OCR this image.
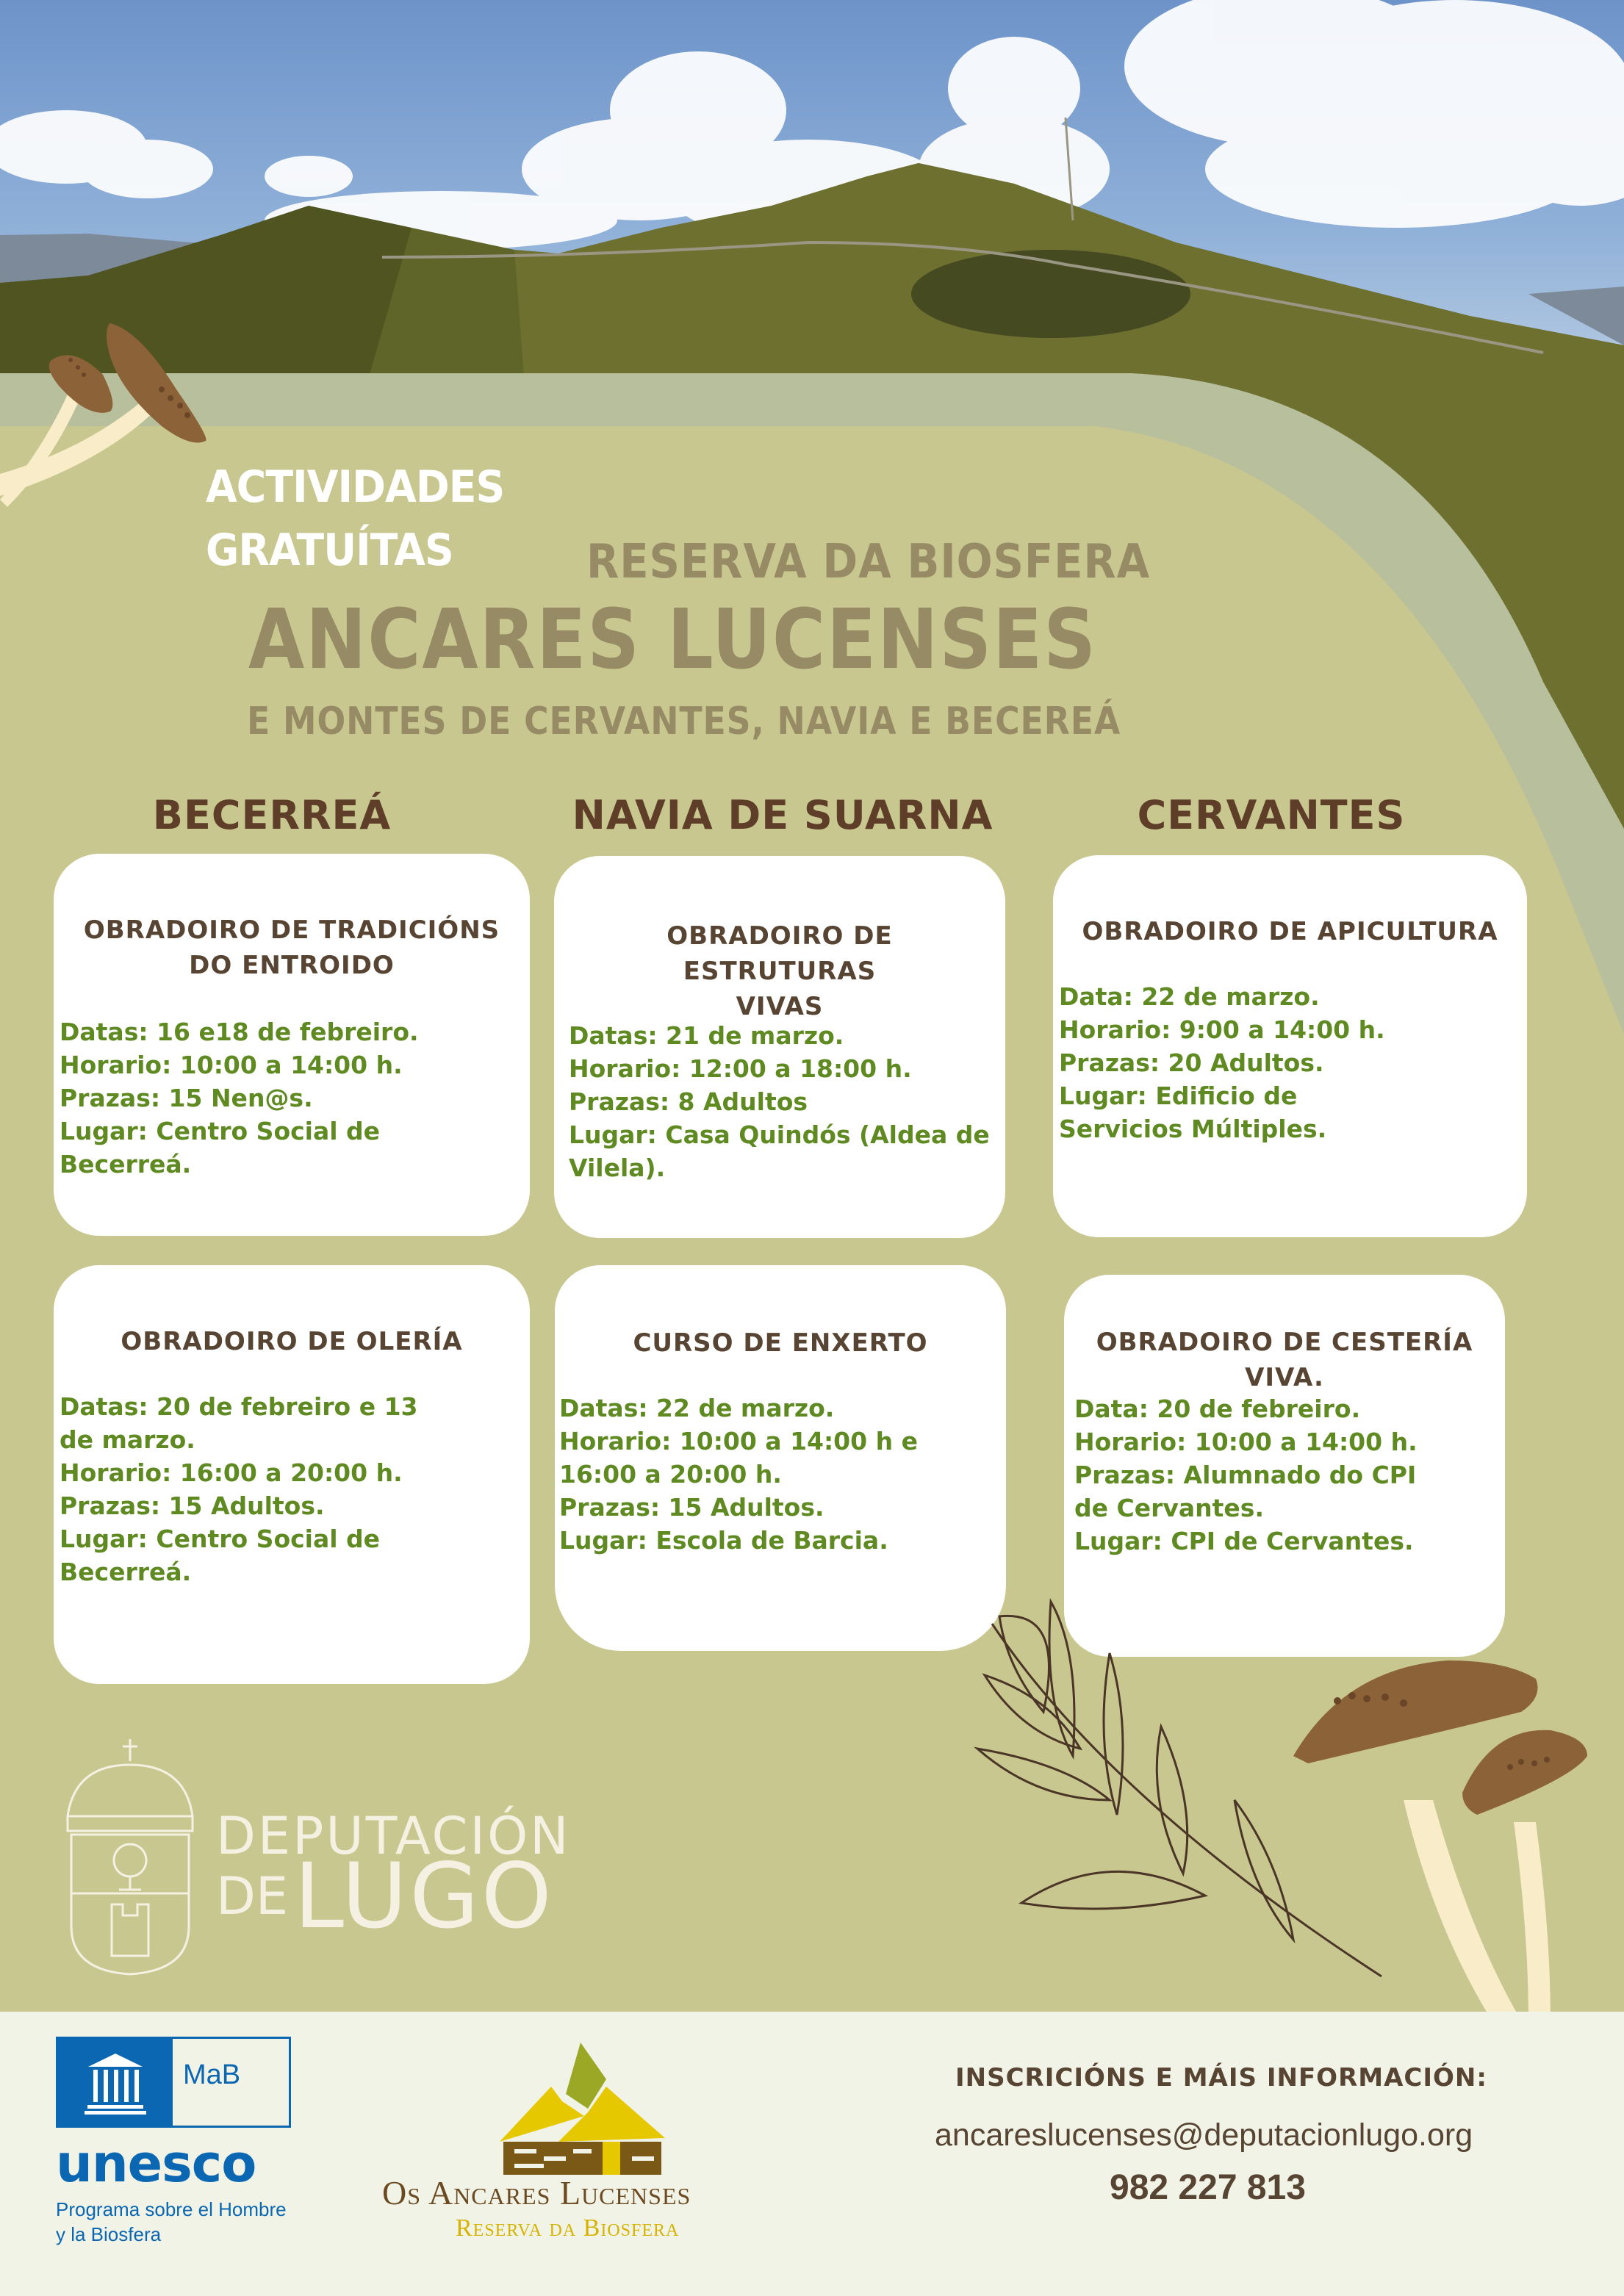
ACTIVIDADES
GRATUÍTAS	RESERVA DA BIOSFERA
ANCARES LUCENSES
E MONTES DE CERVANTES, NAVIA E BECEREÁ
BECERREÁ	NAVIA DE SUARNA	CERVANTES
OBRADOIRO DE TRADICIÓNS DO ENTROIDO
Datas: 16 e18 de febreiro.
Horario: 10:00 a 14:00 h.
Prazas: 15 Nen@s.
Lugar: Centro Social de Becerreá.
OBRADOIRO DE ESTRUTURAS VIVAS
Datas: 21 de marzo.
Horario: 12:00 a 18:00 h.
Prazas: 8 Adultos
Lugar: Casa Quindós (Aldea de Vilela).
OBRADOIRO DE APICULTURA
Data: 22 de marzo.
Horario: 9:00 a 14:00 h.
Prazas: 20 Adultos.
Lugar: Edificio de Servicios Múltiples.
OBRADOIRO DE OLERÍA
Datas: 20 de febreiro e 13 de marzo.
Horario: 16:00 a 20:00 h.
Prazas: 15 Adultos.
Lugar: Centro Social de Becerreá.
CURSO DE ENXERTO
Datas: 22 de marzo.
Horario: 10:00 a 14:00 h e 16:00 a 20:00 h.
Prazas: 15 Adultos.
Lugar: Escola de Barcia.
OBRADOIRO DE CESTERÍA VIVA.
Data: 20 de febreiro.
Horario: 10:00 a 14:00 h.
Prazas: Alumnado do CPI de Cervantes.
Lugar: CPI de Cervantes.
DEPUTACIÓN
DE LUGO
MaB
unesco
Programa sobre el Hombre
y la Biosfera
Os Ancares Lucenses
Reserva da Biosfera
INSCRICIÓNS E MÁIS INFORMACIÓN:
ancareslucenses@deputacionlugo.org
982 227 813
